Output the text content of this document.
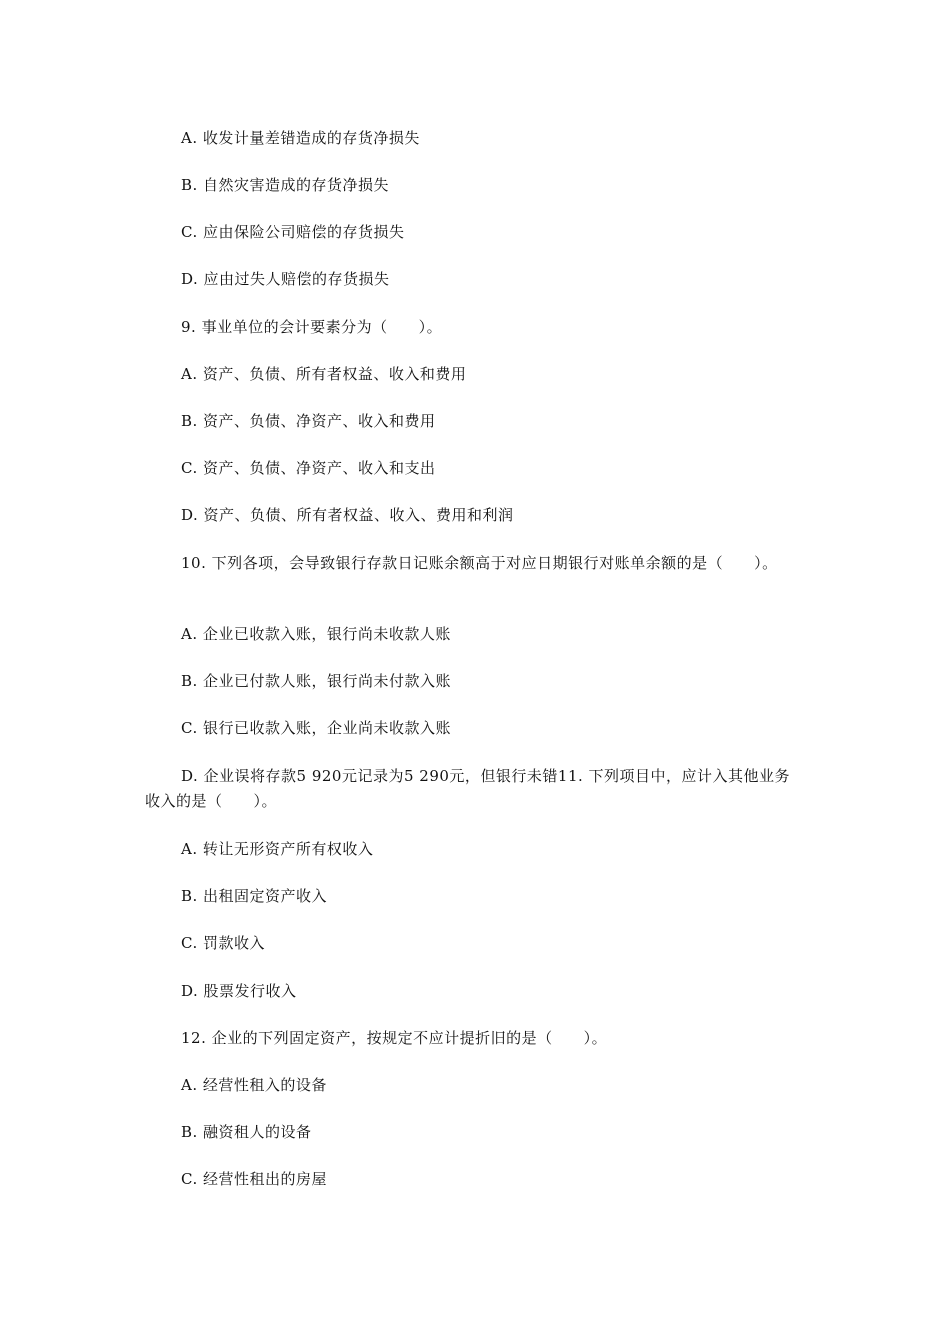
A. 收发计量差错造成的存货净损失
B. 自然灾害造成的存货净损失
C. 应由保险公司赔偿的存货损失
D. 应由过失人赔偿的存货损失
9. 事业单位的会计要素分为（　　）。
A. 资产、负债、所有者权益、收入和费用
B. 资产、负债、净资产、收入和费用
C. 资产、负债、净资产、收入和支出
D. 资产、负债、所有者权益、收入、费用和利润
10. 下列各项，会导致银行存款日记账余额高于对应日期银行对账单余额的是（　　）。
A. 企业已收款入账，银行尚未收款人账
B. 企业已付款人账，银行尚未付款入账
C. 银行已收款入账，企业尚未收款入账
D. 企业误将存款5 920元记录为5 290元，但银行未错11. 下列项目中，应计入其他业务收入的是（　　）。
A. 转让无形资产所有权收入
B. 出租固定资产收入
C. 罚款收入
D. 股票发行收入
12. 企业的下列固定资产，按规定不应计提折旧的是（　　）。
A. 经营性租入的设备
B. 融资租人的设备
C. 经营性租出的房屋
